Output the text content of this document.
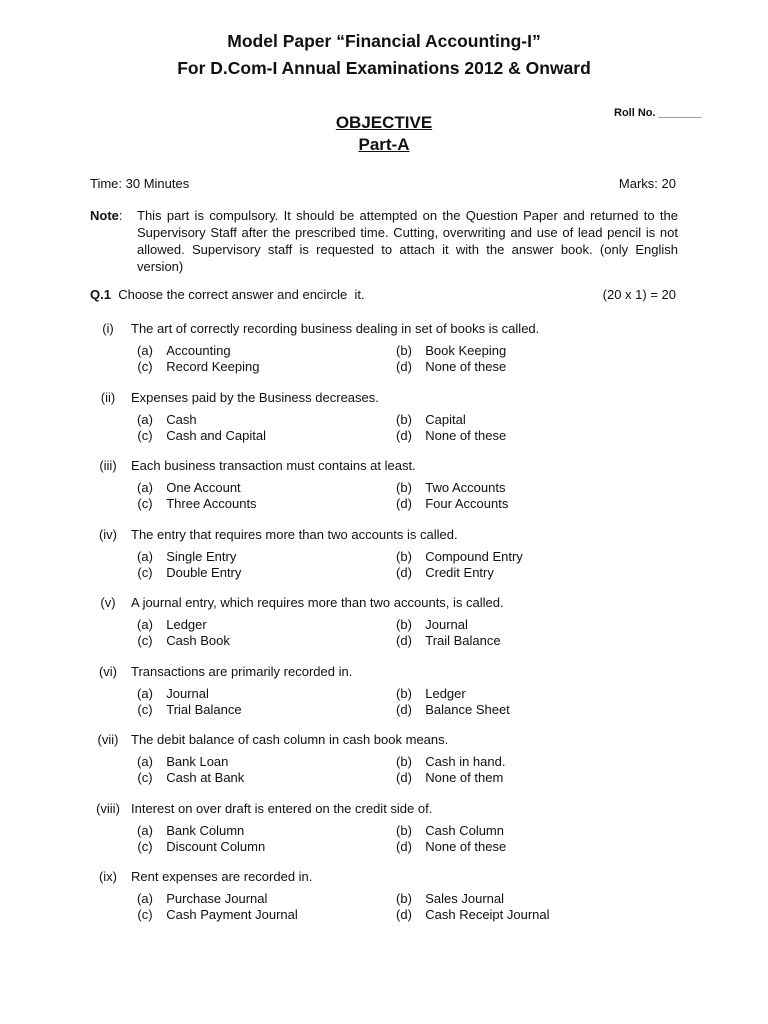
Model Paper “Financial Accounting-I”
For D.Com-I Annual Examinations 2012 & Onward
OBJECTIVE
Part-A
Roll No. _______
Time: 30 Minutes	Marks: 20
Note:	This part is compulsory. It should be attempted on the Question Paper and returned to the Supervisory Staff after the prescribed time. Cutting, overwriting and use of lead pencil is not allowed. Supervisory staff is requested to attach it with the answer book. (only English version)
Q.1 Choose the correct answer and encircle it.	(20 x 1) = 20
(i)	The art of correctly recording business dealing in set of books is called.
(a) Accounting	(b) Book Keeping
(c) Record Keeping	(d) None of these
(ii)	Expenses paid by the Business decreases.
(a) Cash	(b) Capital
(c) Cash and Capital	(d) None of these
(iii)	Each business transaction must contains at least.
(a) One Account	(b) Two Accounts
(c) Three Accounts	(d) Four Accounts
(iv)	The entry that requires more than two accounts is called.
(a) Single Entry	(b) Compound Entry
(c) Double Entry	(d) Credit Entry
(v)	A journal entry, which requires more than two accounts, is called.
(a) Ledger	(b) Journal
(c) Cash Book	(d) Trail Balance
(vi)	Transactions are primarily recorded in.
(a) Journal	(b) Ledger
(c) Trial Balance	(d) Balance Sheet
(vii) The debit balance of cash column in cash book means.
(a) Bank Loan	(b) Cash in hand.
(c) Cash at Bank	(d) None of them
(viii) Interest on over draft is entered on the credit side of.
(a) Bank Column	(b) Cash Column
(c) Discount Column	(d) None of these
(ix)	Rent expenses are recorded in.
(a) Purchase Journal	(b) Sales Journal
(c) Cash Payment Journal	(d) Cash Receipt Journal
